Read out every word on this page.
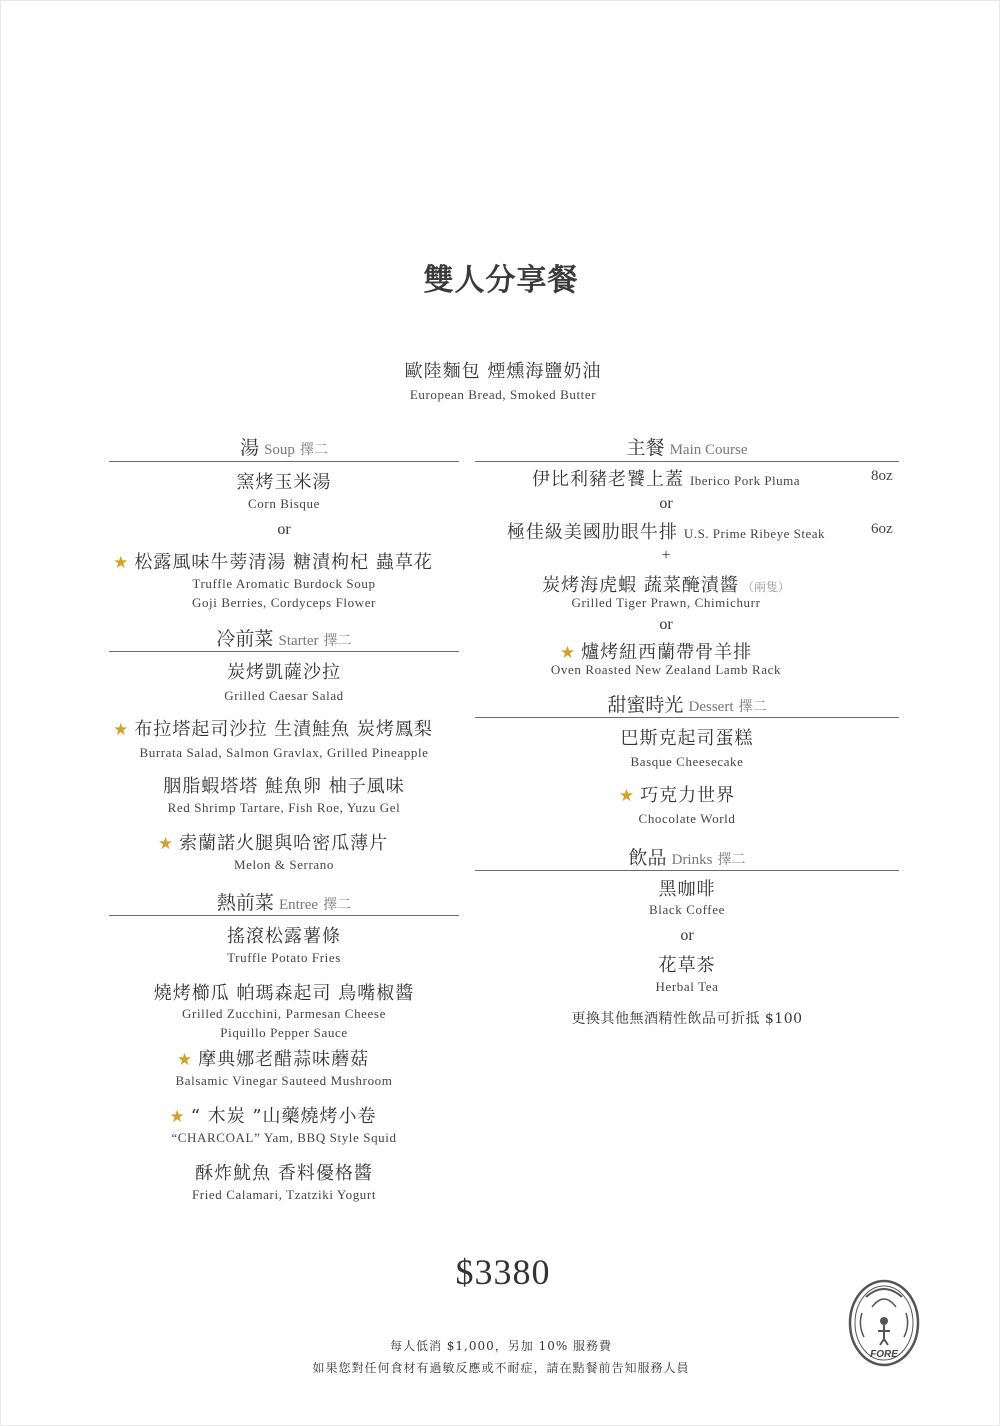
雙人分享餐
歐陸麵包 煙燻海鹽奶油
European Bread, Smoked Butter
湯 Soup 擇二
窯烤玉米湯
Corn Bisque
or
★ 松露風味牛蒡清湯 糖漬枸杞 蟲草花
Truffle Aromatic Burdock Soup
Goji Berries, Cordyceps Flower
冷前菜 Starter 擇二
炭烤凱薩沙拉
Grilled Caesar Salad
★ 布拉塔起司沙拉 生漬鮭魚 炭烤鳳梨
Burrata Salad, Salmon Gravlax, Grilled Pineapple
胭脂蝦塔塔 鮭魚卵 柚子風味
Red Shrimp Tartare, Fish Roe, Yuzu Gel
★ 索蘭諾火腿與哈密瓜薄片
Melon & Serrano
熱前菜 Entree 擇二
搖滾松露薯條
Truffle Potato Fries
燒烤櫛瓜 帕瑪森起司 鳥嘴椒醬
Grilled Zucchini, Parmesan Cheese
Piquillo Pepper Sauce
★ 摩典娜老醋蒜味蘑菇
Balsamic Vinegar Sauteed Mushroom
★ “ 木炭 ”山藥燒烤小卷
“CHARCOAL” Yam, BBQ Style Squid
酥炸魷魚 香料優格醬
Fried Calamari, Tzatziki Yogurt
主餐 Main Course
伊比利豬老饕上蓋 Iberico Pork Pluma	8oz
or
極佳級美國肋眼牛排 U.S. Prime Ribeye Steak	6oz
+
炭烤海虎蝦 蔬菜醃漬醬 （兩隻）
Grilled Tiger Prawn, Chimichurr
or
★ 爐烤紐西蘭帶骨羊排
Oven Roasted New Zealand Lamb Rack
甜蜜時光 Dessert 擇二
巴斯克起司蛋糕
Basque Cheesecake
★ 巧克力世界
Chocolate World
飲品 Drinks 擇二
黑咖啡
Black Coffee
or
花草茶
Herbal Tea
更換其他無酒精性飲品可折抵 $100
$3380
每人低消 $1,000，另加 10% 服務費
如果您對任何食材有過敏反應或不耐症，請在點餐前告知服務人員
FORE
